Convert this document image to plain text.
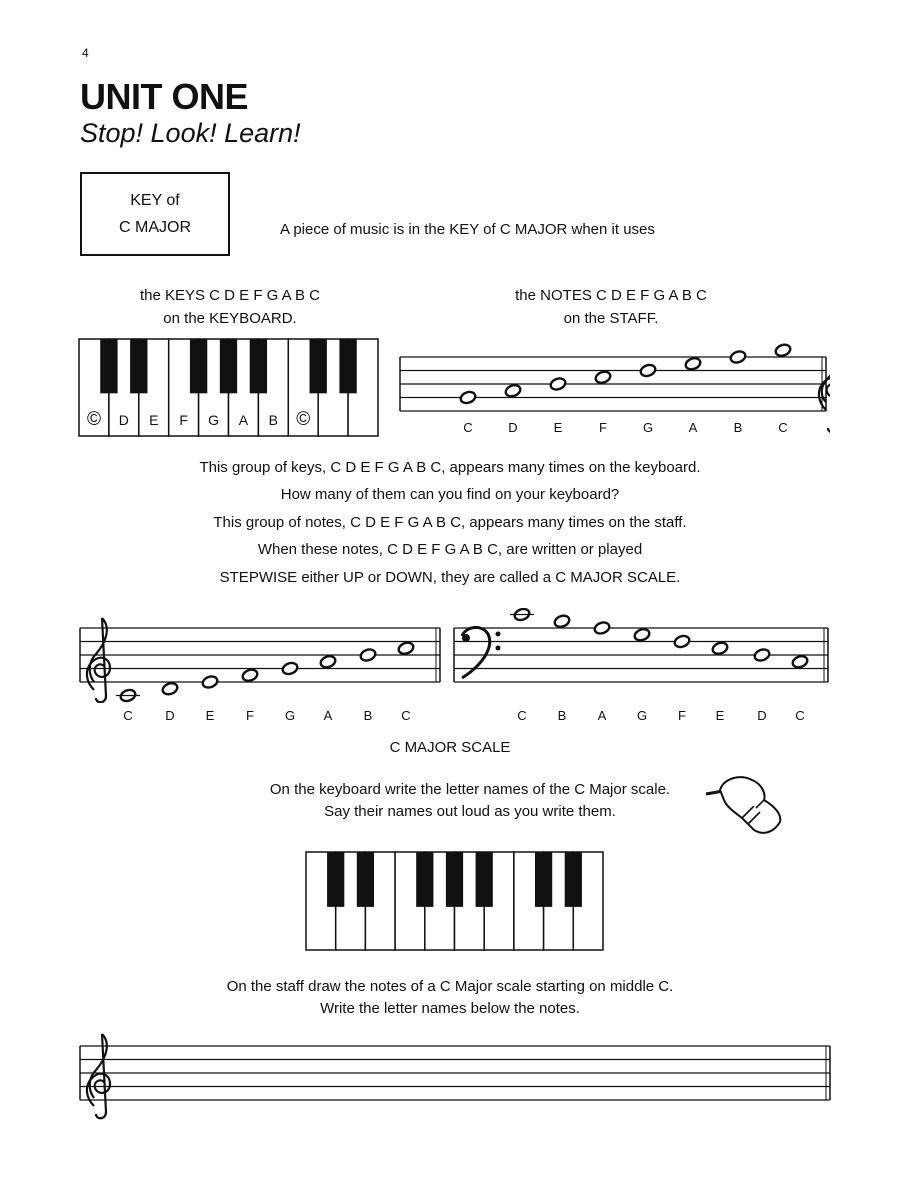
4
UNIT ONE
Stop! Look! Learn!
KEY of
C MAJOR	A piece of music is in the KEY of C MAJOR when it uses
the KEYS C D E F G A B C
on the KEYBOARD.
the NOTES C D E F G A B C
on the STAFF.
© D E F G A B ©	C	D	E	F	G	A	B	C
This group of keys, C D E F G A B C, appears many times on the keyboard.
How many of them can you find on your keyboard?
This group of notes, C D E F G A B C, appears many times on the staff.
When these notes, C D E F G A B C, are written or played
STEPWISE either UP or DOWN, they are called a C MAJOR SCALE.
C	D E F G A B C	C B A G F E	D C
C MAJOR SCALE
On the keyboard write the letter names of the C Major scale.
Say their names out loud as you write them.
On the staff draw the notes of a C Major scale starting on middle C.
Write the letter names below the notes.
